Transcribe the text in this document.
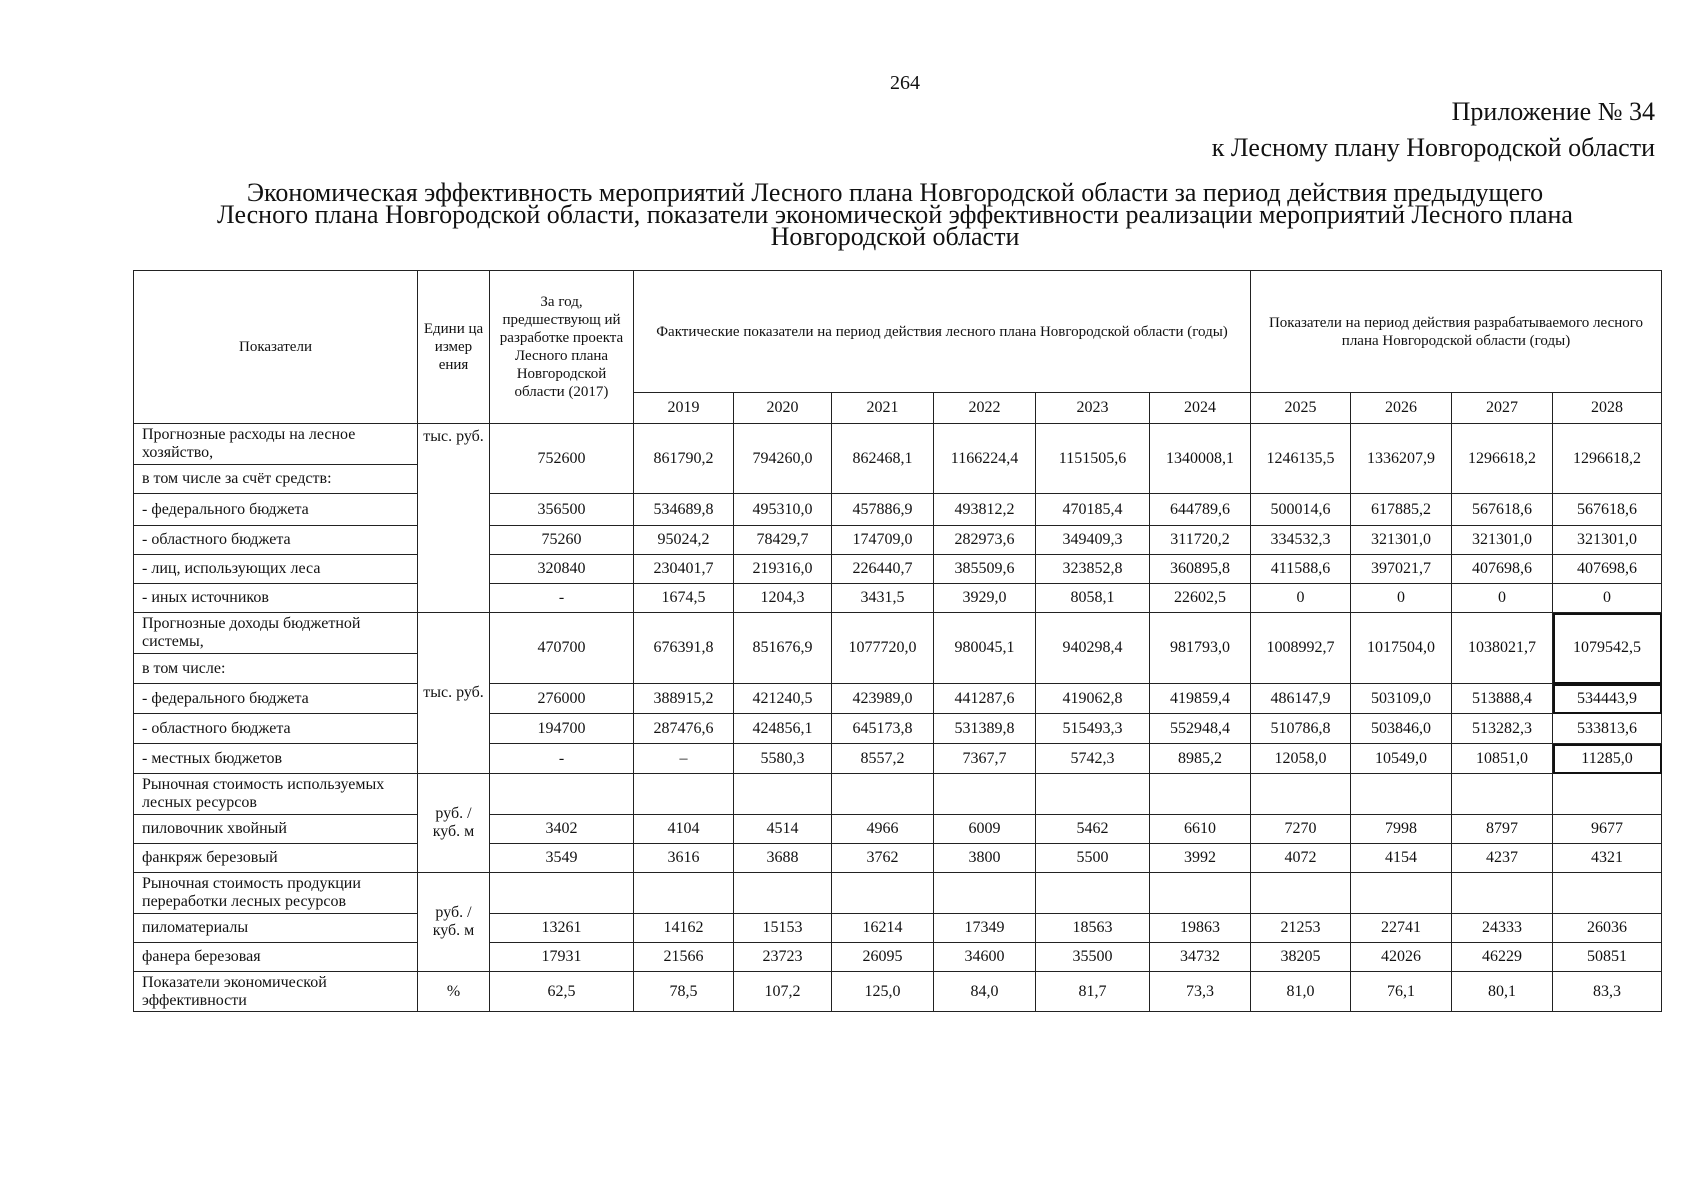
264
Приложение № 34
к Лесному плану Новгородской области
Экономическая эффективность мероприятий Лесного плана Новгородской области за период действия предыдущего
Лесного плана Новгородской области, показатели экономической эффективности реализации мероприятий Лесного плана
Новгородской области
Показатели	Едини ца измер ения	За год, предшествующ ий разработке проекта Лесного плана Новгородской области (2017)	Фактические показатели на период действия лесного плана Новгородской области (годы)						Показатели на период действия разрабатываемого лесного плана Новгородской области (годы)			
			2019	2020	2021	2022	2023	2024	2025	2026	2027	2028
Прогнозные расходы на лесное хозяйство,	тыс. руб.	752600	861790,2	794260,0	862468,1	1166224,4	1151505,6	1340008,1	1246135,5	1336207,9	1296618,2	1296618,2
в том числе за счёт средств:												
- федерального бюджета		356500	534689,8	495310,0	457886,9	493812,2	470185,4	644789,6	500014,6	617885,2	567618,6	567618,6
- областного бюджета		75260	95024,2	78429,7	174709,0	282973,6	349409,3	311720,2	334532,3	321301,0	321301,0	321301,0
- лиц, использующих леса		320840	230401,7	219316,0	226440,7	385509,6	323852,8	360895,8	411588,6	397021,7	407698,6	407698,6
- иных источников		-	1674,5	1204,3	3431,5	3929,0	8058,1	22602,5	0	0	0	0
Прогнозные доходы бюджетной системы,	тыс. руб.	470700	676391,8	851676,9	1077720,0	980045,1	940298,4	981793,0	1008992,7	1017504,0	1038021,7	1079542,5
в том числе:												
- федерального бюджета		276000	388915,2	421240,5	423989,0	441287,6	419062,8	419859,4	486147,9	503109,0	513888,4	534443,9
- областного бюджета		194700	287476,6	424856,1	645173,8	531389,8	515493,3	552948,4	510786,8	503846,0	513282,3	533813,6
- местных бюджетов		-	–	5580,3	8557,2	7367,7	5742,3	8985,2	12058,0	10549,0	10851,0	11285,0
Рыночная стоимость используемых лесных ресурсов	руб. / куб. м											
пиловочник хвойный		3402	4104	4514	4966	6009	5462	6610	7270	7998	8797	9677
фанкряж березовый		3549	3616	3688	3762	3800	5500	3992	4072	4154	4237	4321
Рыночная стоимость продукции переработки лесных ресурсов	руб. / куб. м											
пиломатериалы		13261	14162	15153	16214	17349	18563	19863	21253	22741	24333	26036
фанера березовая		17931	21566	23723	26095	34600	35500	34732	38205	42026	46229	50851
Показатели экономической эффективности	%	62,5	78,5	107,2	125,0	84,0	81,7	73,3	81,0	76,1	80,1	83,3
